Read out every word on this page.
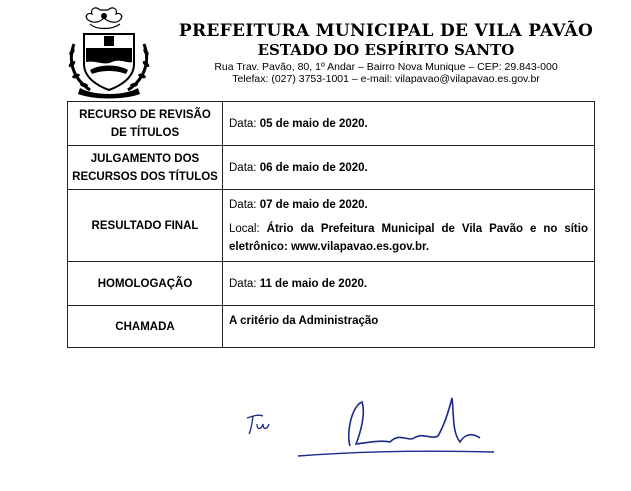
PREFEITURA MUNICIPAL DE VILA PAVÃO
ESTADO DO ESPÍRITO SANTO
Rua Trav. Pavão, 80, 1º Andar – Bairro Nova Munique – CEP: 29.843-000
Telefax: (027) 3753-1001 – e-mail: vilapavao@vilapavao.es.gov.br
RECURSO DE REVISÃO DE TÍTULOS	Data: 05 de maio de 2020.
JULGAMENTO DOS RECURSOS DOS TÍTULOS	Data: 06 de maio de 2020.
RESULTADO FINAL	Data: 07 de maio de 2020.
Local: Átrio da Prefeitura Municipal de Vila Pavão e no sítio eletrônico: www.vilapavao.es.gov.br.

HOMOLOGAÇÃO	Data: 11 de maio de 2020.
CHAMADA	A critério da Administração
